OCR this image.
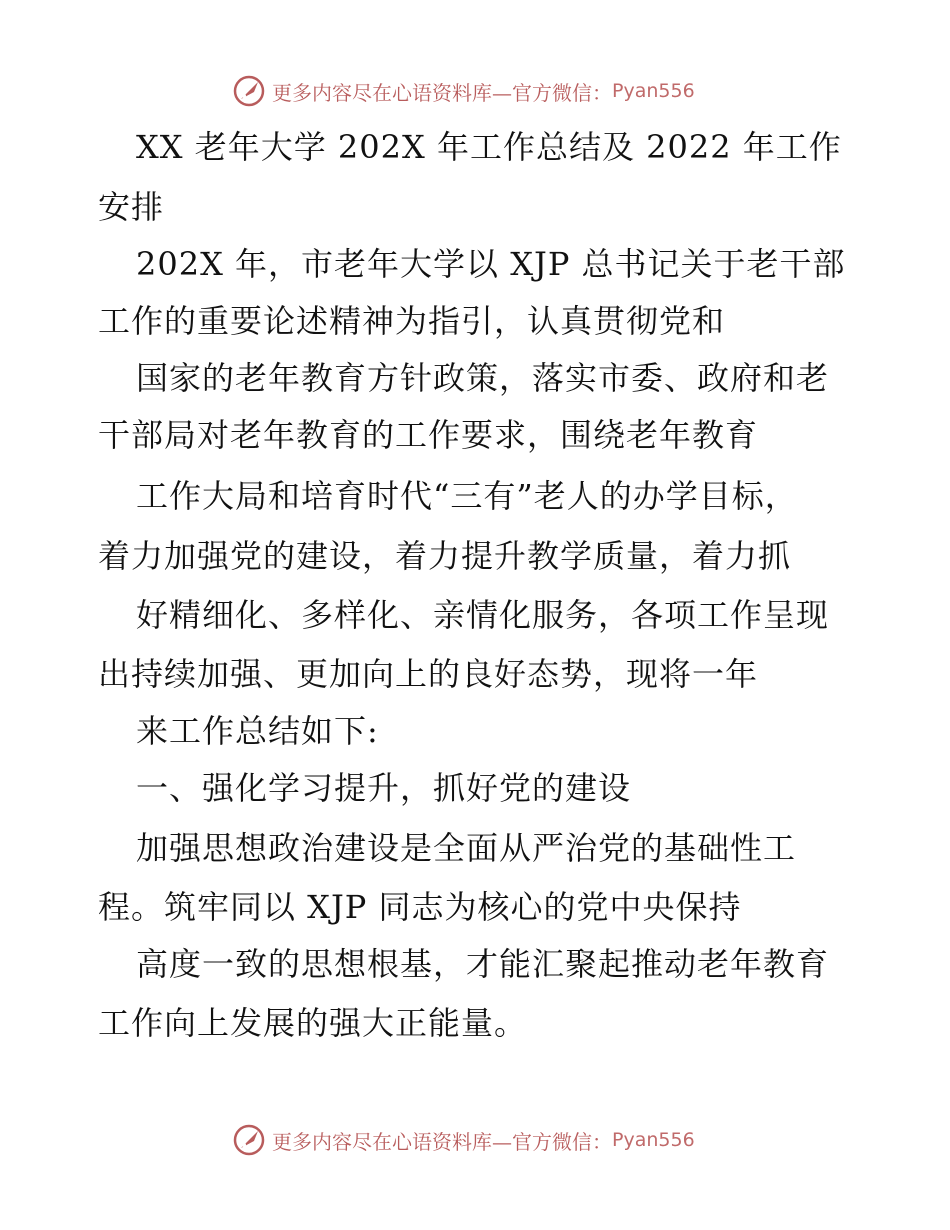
更多内容尽在心语资料库—官方微信： Pyan556
XX 老年大学 202X 年工作总结及 2022 年工作
安排
202X 年，市老年大学以 XJP 总书记关于老干部
工作的重要论述精神为指引，认真贯彻党和
国家的老年教育方针政策，落实市委、政府和老
干部局对老年教育的工作要求，围绕老年教育
工作大局和培育时代“三有”老人的办学目标，
着力加强党的建设，着力提升教学质量，着力抓
好精细化、多样化、亲情化服务，各项工作呈现
出持续加强、更加向上的良好态势，现将一年
来工作总结如下:
一、强化学习提升，抓好党的建设
加强思想政治建设是全面从严治党的基础性工
程。筑牢同以 XJP 同志为核心的党中央保持
高度一致的思想根基，才能汇聚起推动老年教育
工作向上发展的强大正能量。
更多内容尽在心语资料库—官方微信： Pyan556
